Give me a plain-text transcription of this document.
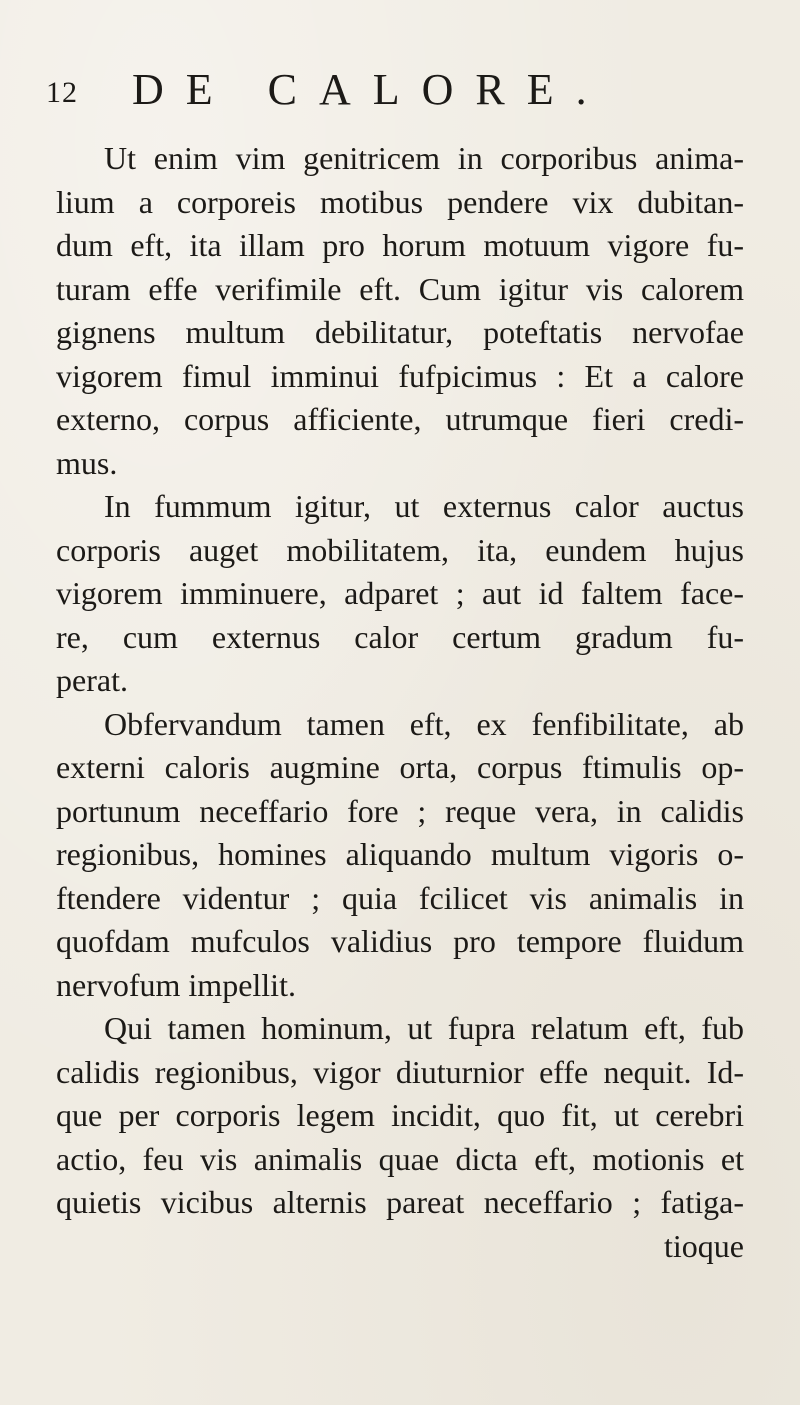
12 DE CALORE.
Ut enim vim genitricem in corporibus anima-
lium a corporeis motibus pendere vix dubitan-
dum eft, ita illam pro horum motuum vigore fu-
turam effe verifimile eft. Cum igitur vis calorem
gignens multum debilitatur, poteftatis nervofae
vigorem fimul imminui fufpicimus : Et a calore
externo, corpus afficiente, utrumque fieri credi-
mus.
In fummum igitur, ut externus calor auctus
corporis auget mobilitatem, ita, eundem hujus
vigorem imminuere, adparet ; aut id faltem face-
re, cum externus calor certum gradum fu-
perat.
Obfervandum tamen eft, ex fenfibilitate, ab
externi caloris augmine orta, corpus ftimulis op-
portunum neceffario fore ; reque vera, in calidis
regionibus, homines aliquando multum vigoris o-
ftendere videntur ; quia fcilicet vis animalis in
quofdam mufculos validius pro tempore fluidum
nervofum impellit.
Qui tamen hominum, ut fupra relatum eft, fub
calidis regionibus, vigor diuturnior effe nequit. Id-
que per corporis legem incidit, quo fit, ut cerebri
actio, feu vis animalis quae dicta eft, motionis et
quietis vicibus alternis pareat neceffario ; fatiga-
tioque
